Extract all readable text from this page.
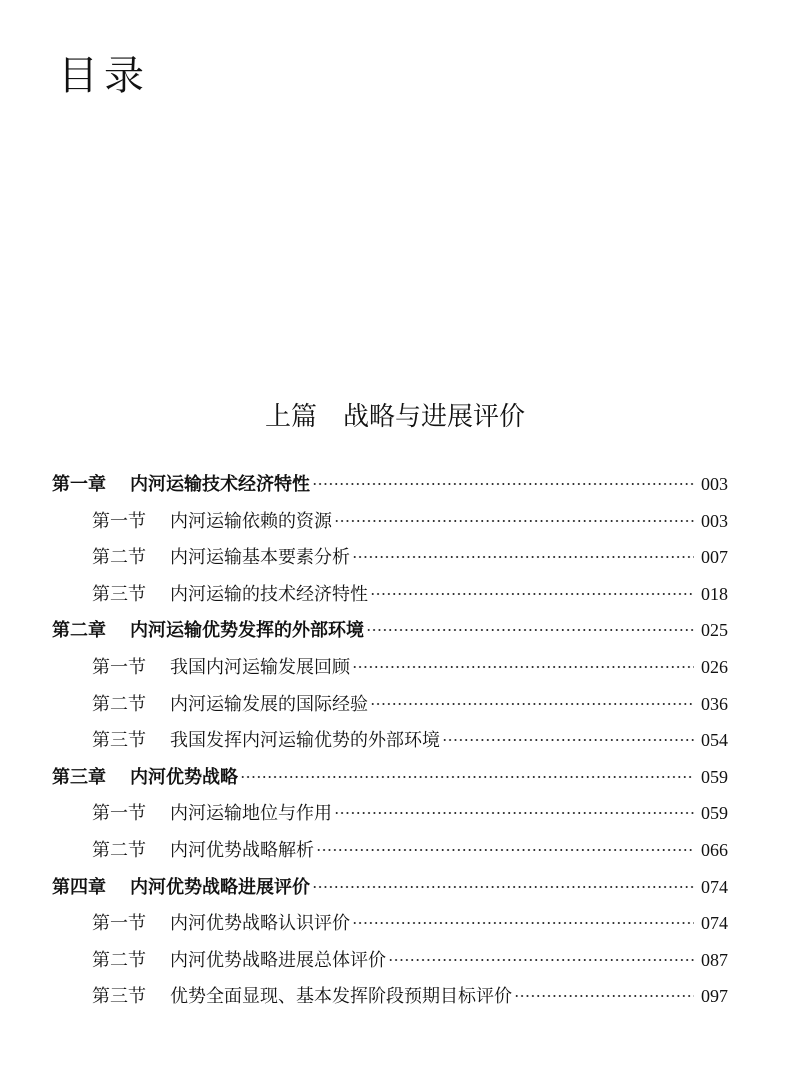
目录
上篇　战略与进展评价
第一章 内河运输技术经济特性	003
第一节 内河运输依赖的资源	003
第二节 内河运输基本要素分析	007
第三节 内河运输的技术经济特性	018
第二章 内河运输优势发挥的外部环境	025
第一节 我国内河运输发展回顾	026
第二节 内河运输发展的国际经验	036
第三节 我国发挥内河运输优势的外部环境	054
第三章 内河优势战略	059
第一节 内河运输地位与作用	059
第二节 内河优势战略解析	066
第四章 内河优势战略进展评价	074
第一节 内河优势战略认识评价	074
第二节 内河优势战略进展总体评价	087
第三节 优势全面显现、基本发挥阶段预期目标评价	097
